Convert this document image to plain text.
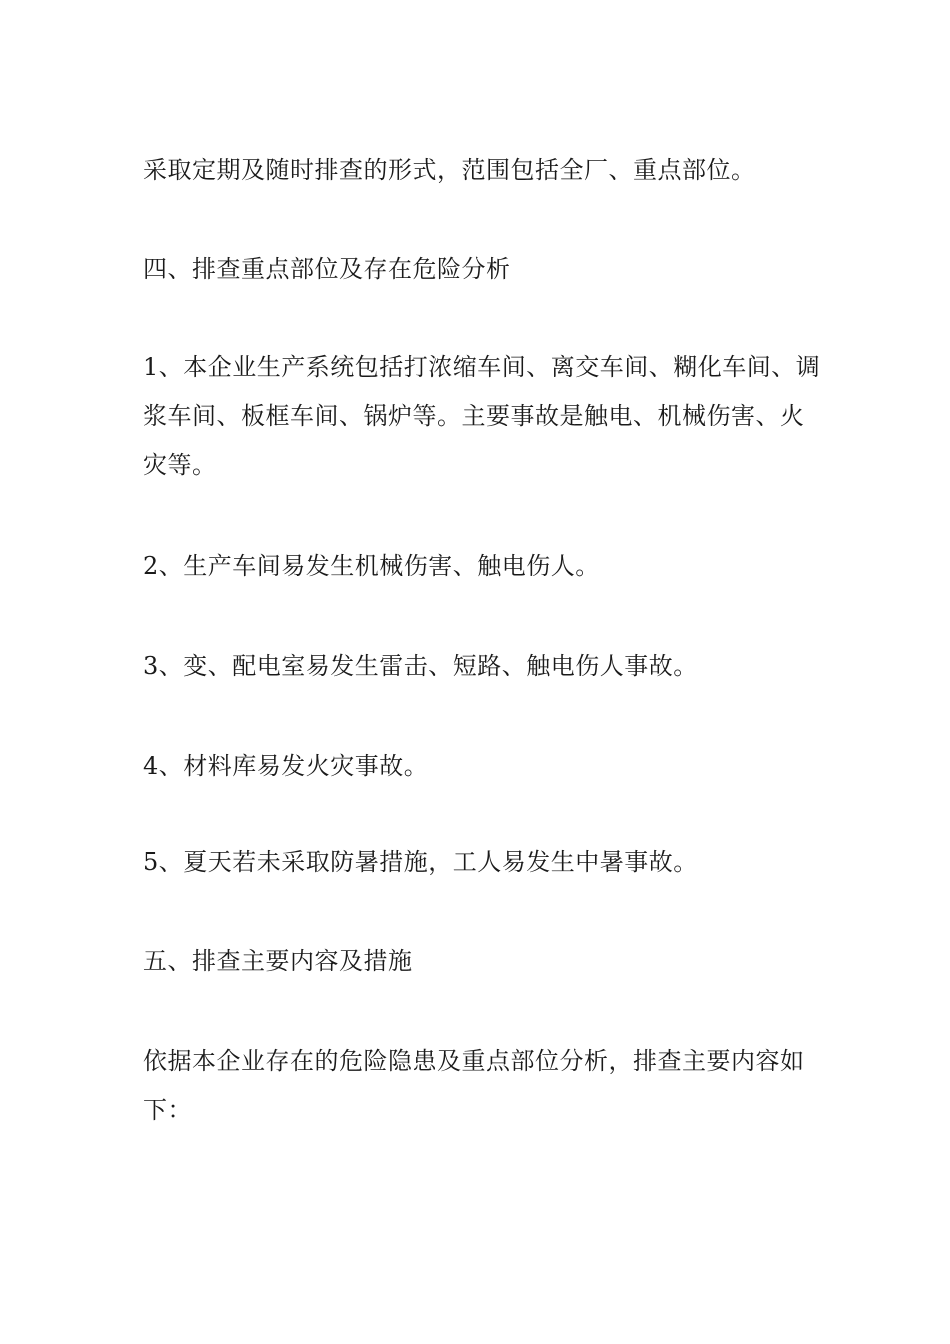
采取定期及随时排查的形式，范围包括全厂、重点部位。

四、排查重点部位及存在危险分析

1、本企业生产系统包括打浓缩车间、离交车间、糊化车间、调浆车间、板框车间、锅炉等。主要事故是触电、机械伤害、火灾等。

2、生产车间易发生机械伤害、触电伤人。

3、变、配电室易发生雷击、短路、触电伤人事故。

4、材料库易发火灾事故。

5、夏天若未采取防暑措施，工人易发生中暑事故。

五、排查主要内容及措施

依据本企业存在的危险隐患及重点部位分析，排查主要内容如下：
